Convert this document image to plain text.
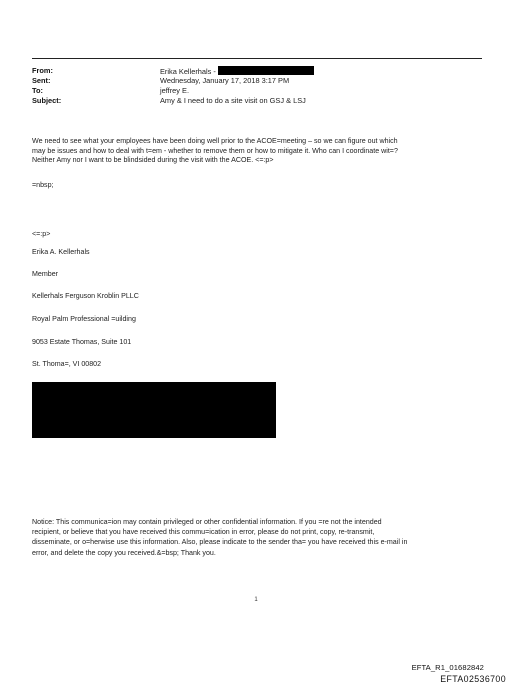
From:	Erika Kellerhals -
Sent:	Wednesday, January 17, 2018 3:17 PM
To:	jeffrey E.
Subject:	Amy & I need to do a site visit on GSJ & LSJ
We need to see what your employees have been doing well prior to the ACOE=meeting – so we can figure out which
may be issues and how to deal with t=em - whether to remove them or how to mitigate it. Who can I coordinate wit=?
Neither Amy nor I want to be blindsided during the visit with the ACOE. <=:p>
=nbsp;
<=:p>
Erika A. Kellerhals
Member
Kellerhals Ferguson Kroblin PLLC
Royal Palm Professional =uilding
9053 Estate Thomas, Suite 101
St. Thoma=, VI 00802
Notice: This communica=ion may contain privileged or other confidential information. If you =re not the intended
recipient, or believe that you have received this commu=ication in error, please do not print, copy, re-transmit,
disseminate, or o=herwise use this information. Also, please indicate to the sender tha= you have received this e-mail in
error, and delete the copy you received.&=bsp; Thank you.
1
EFTA_R1_01682842
EFTA02536700
